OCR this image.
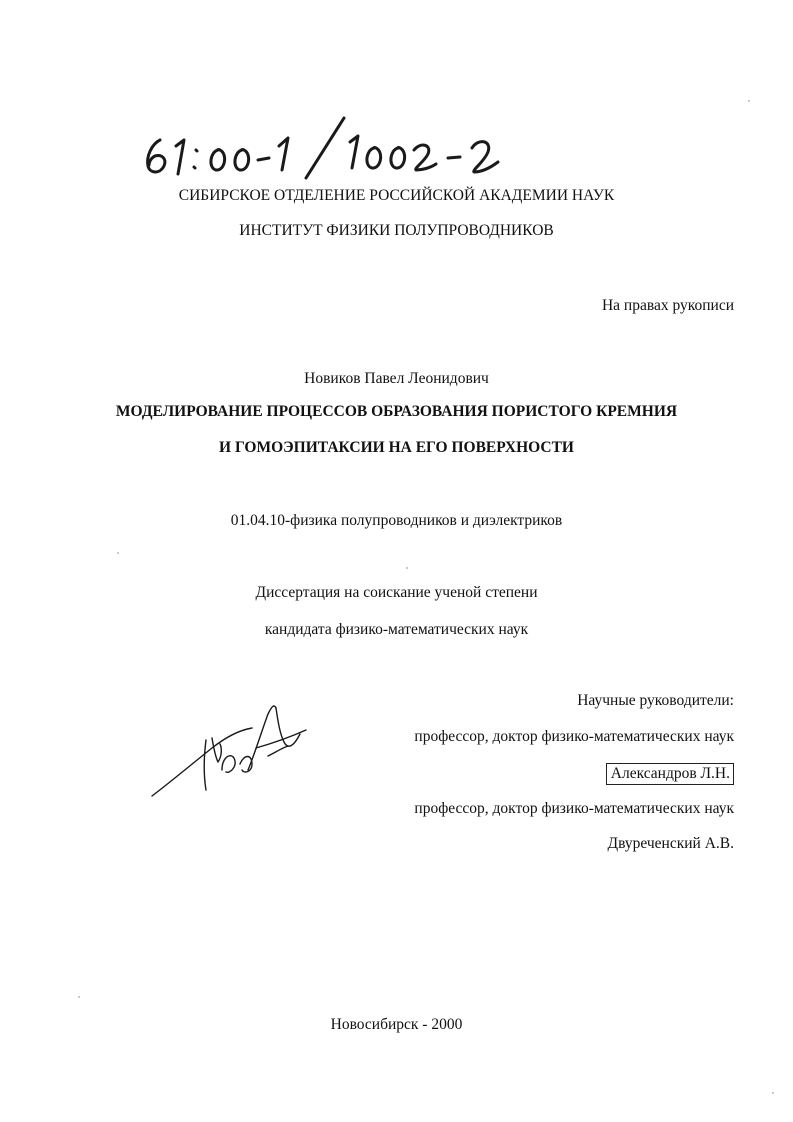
СИБИРСКОЕ ОТДЕЛЕНИЕ РОССИЙСКОЙ АКАДЕМИИ НАУК
ИНСТИТУТ ФИЗИКИ ПОЛУПРОВОДНИКОВ
На правах рукописи
Новиков Павел Леонидович
МОДЕЛИРОВАНИЕ ПРОЦЕССОВ ОБРАЗОВАНИЯ ПОРИСТОГО КРЕМНИЯ
И ГОМОЭПИТАКСИИ НА ЕГО ПОВЕРХНОСТИ
01.04.10-физика полупроводников и диэлектриков
Диссертация на соискание ученой степени
кандидата физико-математических наук
Научные руководители:
профессор, доктор физико-математических наук
Александров Л.Н.
профессор, доктор физико-математических наук
Двуреченский А.В.
Новосибирск - 2000
